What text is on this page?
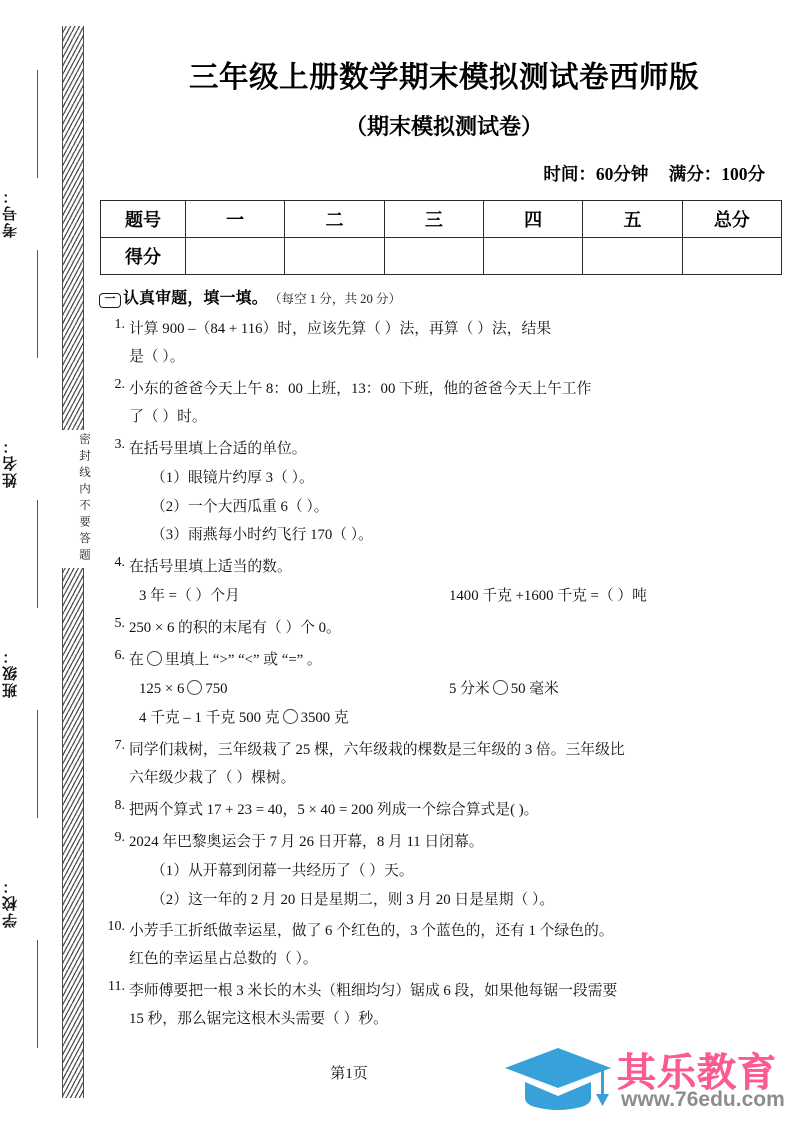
密封线内不要答题
考号：
姓名：
班级：
学校：
三年级上册数学期末模拟测试卷西师版
（期末模拟测试卷）
时间：60分钟 满分：100分
题号	一	二	三	四	五	总分
得分						
一 认真审题，填一填。 （每空 1 分，共 20 分）
1. 计算 900 –（84 + 116）时，应该先算（ ）法，再算（ ）法，结果
是（ ）。
2. 小东的爸爸今天上午 8：00 上班，13：00 下班，他的爸爸今天上午工作
了（ ）时。
3. 在括号里填上合适的单位。
（1）眼镜片约厚 3（ ）。
（2）一个大西瓜重 6（ ）。
（3）雨燕每小时约飞行 170（ ）。
4. 在括号里填上适当的数。
3 年 =（ ）个月	1400 千克 +1600 千克 =（ ）吨
5. 250 × 6 的积的末尾有（ ）个 0。
6. 在 里填上 “>” “<” 或 “=” 。
125 × 6 750	5 分米 50 毫米
4 千克 – 1 千克 500 克 3500 克
7. 同学们栽树，三年级栽了 25 棵，六年级栽的棵数是三年级的 3 倍。三年级比
六年级少栽了（ ）棵树。
8. 把两个算式 17 + 23 = 40，5 × 40 = 200 列成一个综合算式是( )。
9. 2024 年巴黎奥运会于 7 月 26 日开幕，8 月 11 日闭幕。
（1）从开幕到闭幕一共经历了（ ）天。
（2）这一年的 2 月 20 日是星期二，则 3 月 20 日是星期（ ）。
10. 小芳手工折纸做幸运星，做了 6 个红色的，3 个蓝色的，还有 1 个绿色的。
红色的幸运星占总数的（ ）。
11. 李师傅要把一根 3 米长的木头（粗细均匀）锯成 6 段，如果他每锯一段需要
15 秒，那么锯完这根木头需要（ ）秒。
第1页	其乐教育
www.76edu.com
